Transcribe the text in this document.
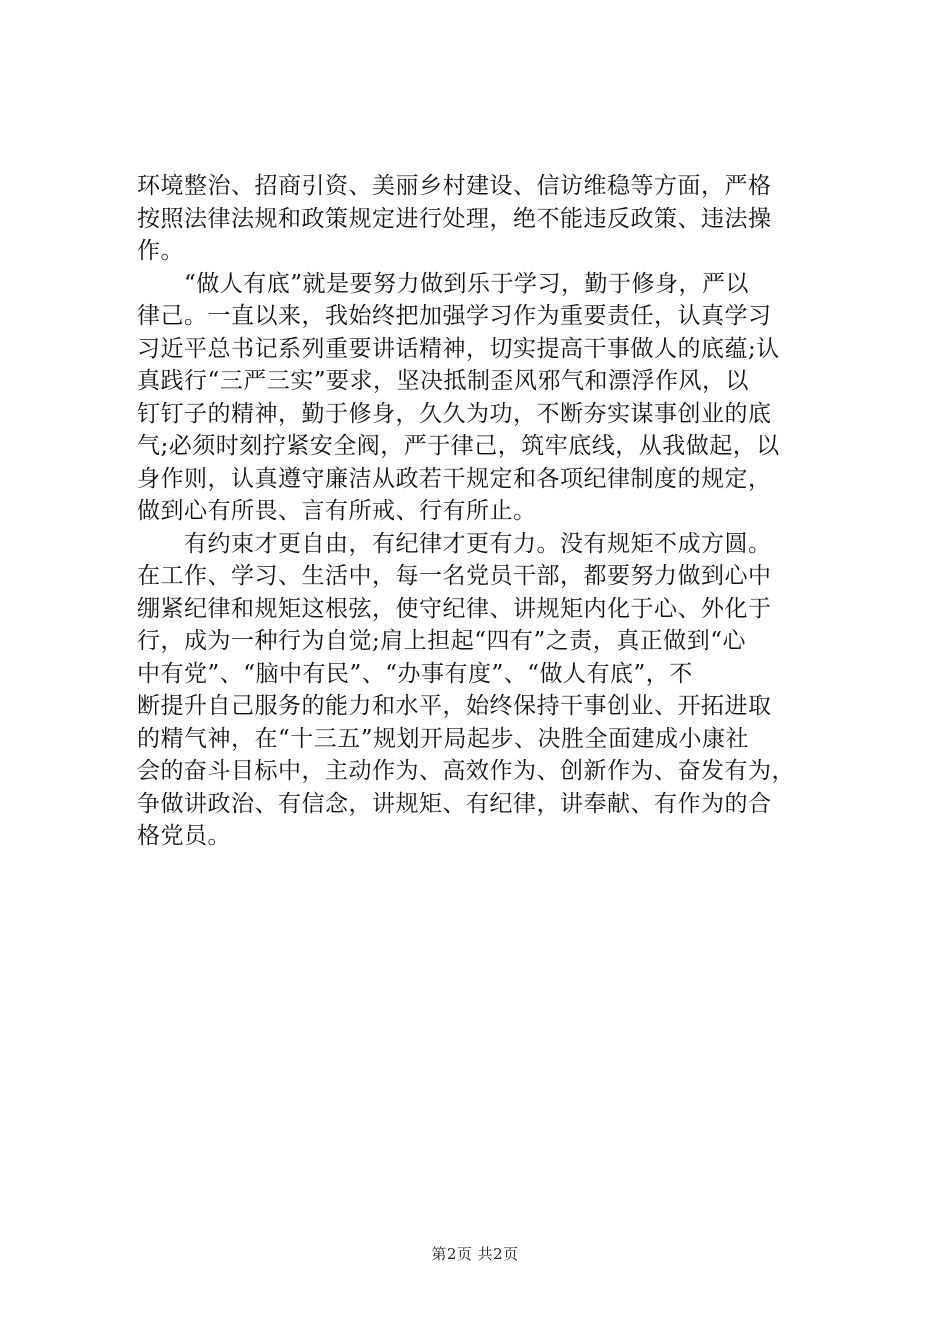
环境整治、招商引资、美丽乡村建设、信访维稳等方面，严格
按照法律法规和政策规定进行处理，绝不能违反政策、违法操
作。
　　“做人有底”就是要努力做到乐于学习，勤于修身，严以
律己。一直以来，我始终把加强学习作为重要责任，认真学习
习近平总书记系列重要讲话精神，切实提高干事做人的底蕴;认
真践行“三严三实”要求，坚决抵制歪风邪气和漂浮作风，以
钉钉子的精神，勤于修身，久久为功，不断夯实谋事创业的底
气;必须时刻拧紧安全阀，严于律己，筑牢底线，从我做起，以
身作则，认真遵守廉洁从政若干规定和各项纪律制度的规定，
做到心有所畏、言有所戒、行有所止。
　　有约束才更自由，有纪律才更有力。没有规矩不成方圆。
在工作、学习、生活中，每一名党员干部，都要努力做到心中
绷紧纪律和规矩这根弦，使守纪律、讲规矩内化于心、外化于
行，成为一种行为自觉;肩上担起“四有”之责，真正做到“心
中有党”、“脑中有民”、“办事有度”、“做人有底”，不
断提升自己服务的能力和水平，始终保持干事创业、开拓进取
的精气神，在“十三五”规划开局起步、决胜全面建成小康社
会的奋斗目标中，主动作为、高效作为、创新作为、奋发有为，
争做讲政治、有信念，讲规矩、有纪律，讲奉献、有作为的合
格党员。
第2页 共2页
